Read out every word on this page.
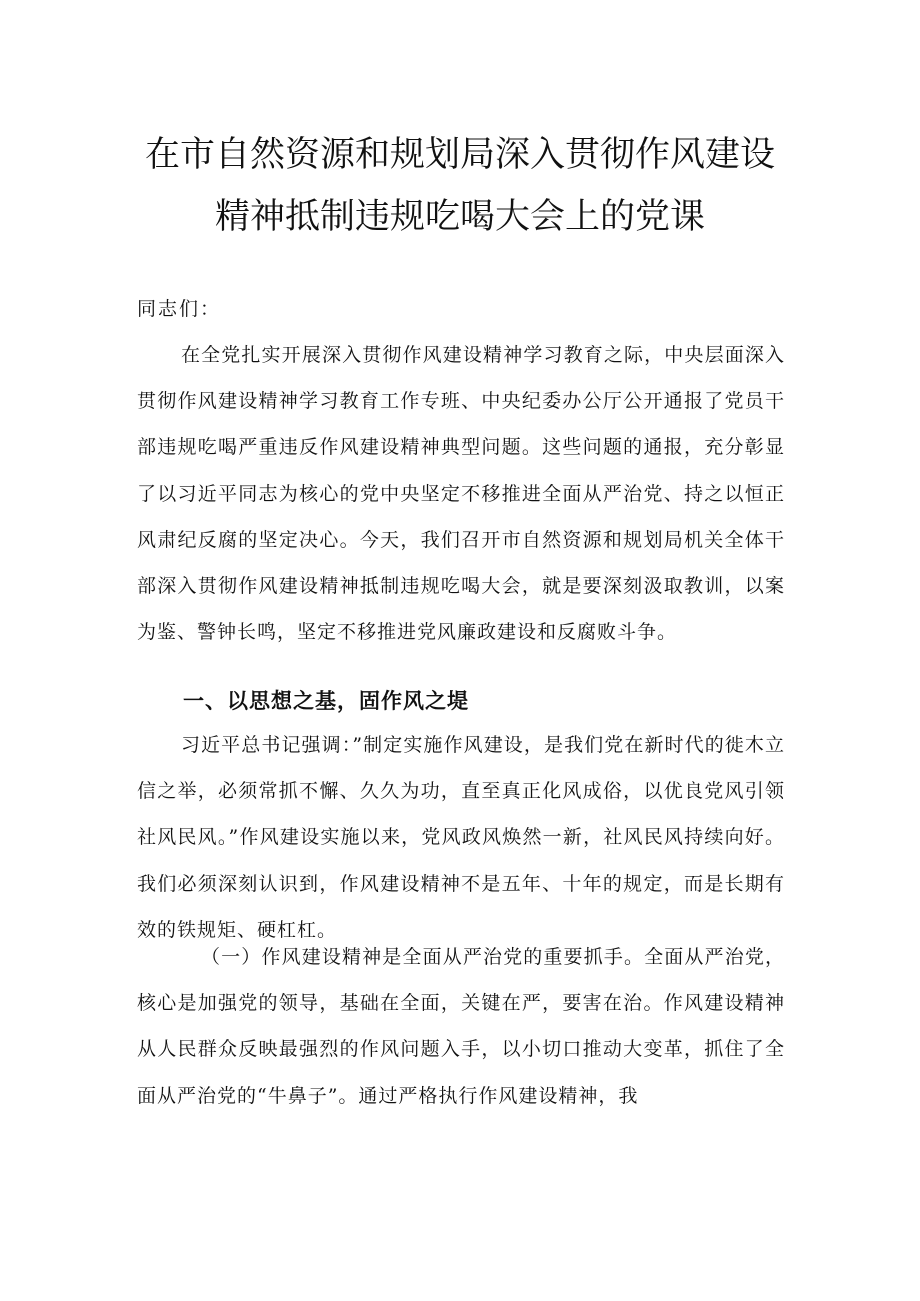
在市自然资源和规划局深入贯彻作风建设
精神抵制违规吃喝大会上的党课
同志们：
在全党扎实开展深入贯彻作风建设精神学习教育之际，中央层面深入贯彻作风建设精神学习教育工作专班、中央纪委办公厅公开通报了党员干部违规吃喝严重违反作风建设精神典型问题。这些问题的通报，充分彰显了以习近平同志为核心的党中央坚定不移推进全面从严治党、持之以恒正风肃纪反腐的坚定决心。今天，我们召开市自然资源和规划局机关全体干部深入贯彻作风建设精神抵制违规吃喝大会，就是要深刻汲取教训，以案为鉴、警钟长鸣，坚定不移推进党风廉政建设和反腐败斗争。
一、以思想之基，固作风之堤
习近平总书记强调：”制定实施作风建设，是我们党在新时代的徙木立信之举，必须常抓不懈、久久为功，直至真正化风成俗，以优良党风引领社风民风。”作风建设实施以来，党风政风焕然一新，社风民风持续向好。我们必须深刻认识到，作风建设精神不是五年、十年的规定，而是长期有效的铁规矩、硬杠杠。
（一）作风建设精神是全面从严治党的重要抓手。全面从严治党，核心是加强党的领导，基础在全面，关键在严，要害在治。作风建设精神从人民群众反映最强烈的作风问题入手，以小切口推动大变革，抓住了全面从严治党的“牛鼻子”。通过严格执行作风建设精神，我
